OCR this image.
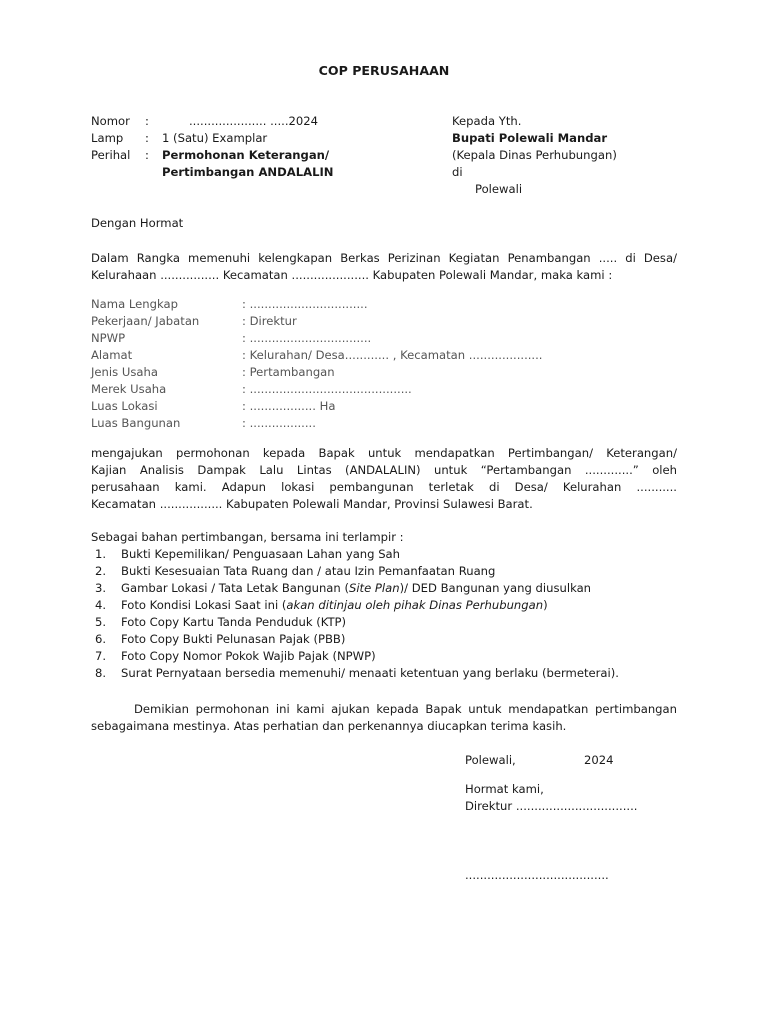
COP PERUSAHAAN
Nomor :	..................... .....2024
Lamp : 1 (Satu) Examplar
Perihal : Permohonan Keterangan/
Pertimbangan ANDALALIN
Kepada Yth.
Bupati Polewali Mandar
(Kepala Dinas Perhubungan)
di
Polewali
Dengan Hormat
Dalam Rangka memenuhi kelengkapan Berkas Perizinan Kegiatan Penambangan ..... di Desa/
Kelurahaan ................ Kecamatan ..................... Kabupaten Polewali Mandar, maka kami :
Nama Lengkap	: ................................
Pekerjaan/ Jabatan	: Direktur
NPWP	: .................................
Alamat	: Kelurahan/ Desa............ , Kecamatan ....................
Jenis Usaha	: Pertambangan
Merek Usaha	: ............................................
Luas Lokasi	: .................. Ha
Luas Bangunan	: ..................
mengajukan permohonan kepada Bapak untuk mendapatkan Pertimbangan/ Keterangan/
Kajian Analisis Dampak Lalu Lintas (ANDALALIN) untuk “Pertambangan .............” oleh
perusahaan kami. Adapun lokasi pembangunan terletak di Desa/ Kelurahan ...........
Kecamatan ................. Kabupaten Polewali Mandar, Provinsi Sulawesi Barat.
Sebagai bahan pertimbangan, bersama ini terlampir :
1. Bukti Kepemilikan/ Penguasaan Lahan yang Sah
2. Bukti Kesesuaian Tata Ruang dan / atau Izin Pemanfaatan Ruang
3. Gambar Lokasi / Tata Letak Bangunan (Site Plan)/ DED Bangunan yang diusulkan
4. Foto Kondisi Lokasi Saat ini (akan ditinjau oleh pihak Dinas Perhubungan)
5. Foto Copy Kartu Tanda Penduduk (KTP)
6. Foto Copy Bukti Pelunasan Pajak (PBB)
7. Foto Copy Nomor Pokok Wajib Pajak (NPWP)
8. Surat Pernyataan bersedia memenuhi/ menaati ketentuan yang berlaku (bermeterai).
Demikian permohonan ini kami ajukan kepada Bapak untuk mendapatkan pertimbangan
sebagaimana mestinya. Atas perhatian dan perkenannya diucapkan terima kasih.
Polewali,	2024
Hormat kami,
Direktur .................................
.......................................
